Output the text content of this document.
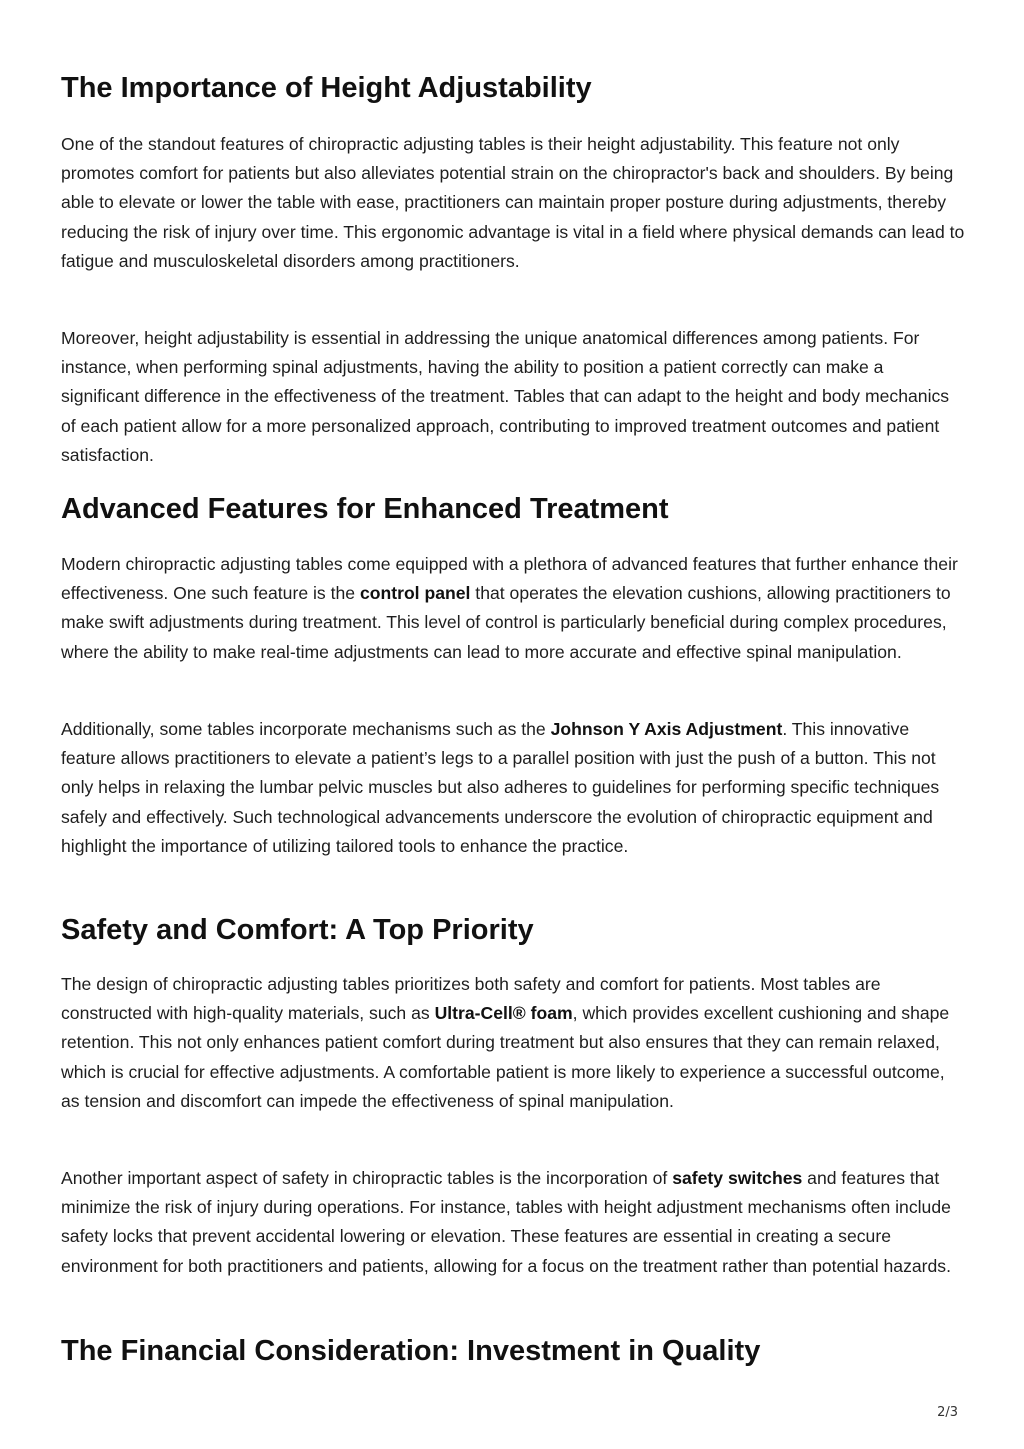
The Importance of Height Adjustability

One of the standout features of chiropractic adjusting tables is their height adjustability. This feature not only promotes comfort for patients but also alleviates potential strain on the chiropractor's back and shoulders. By being able to elevate or lower the table with ease, practitioners can maintain proper posture during adjustments, thereby reducing the risk of injury over time. This ergonomic advantage is vital in a field where physical demands can lead to fatigue and musculoskeletal disorders among practitioners.

Moreover, height adjustability is essential in addressing the unique anatomical differences among patients. For instance, when performing spinal adjustments, having the ability to position a patient correctly can make a significant difference in the effectiveness of the treatment. Tables that can adapt to the height and body mechanics of each patient allow for a more personalized approach, contributing to improved treatment outcomes and patient satisfaction.

Advanced Features for Enhanced Treatment

Modern chiropractic adjusting tables come equipped with a plethora of advanced features that further enhance their effectiveness. One such feature is the control panel that operates the elevation cushions, allowing practitioners to make swift adjustments during treatment. This level of control is particularly beneficial during complex procedures, where the ability to make real-time adjustments can lead to more accurate and effective spinal manipulation.

Additionally, some tables incorporate mechanisms such as the Johnson Y Axis Adjustment. This innovative feature allows practitioners to elevate a patient’s legs to a parallel position with just the push of a button. This not only helps in relaxing the lumbar pelvic muscles but also adheres to guidelines for performing specific techniques safely and effectively. Such technological advancements underscore the evolution of chiropractic equipment and highlight the importance of utilizing tailored tools to enhance the practice.

Safety and Comfort: A Top Priority

The design of chiropractic adjusting tables prioritizes both safety and comfort for patients. Most tables are constructed with high-quality materials, such as Ultra-Cell® foam, which provides excellent cushioning and shape retention. This not only enhances patient comfort during treatment but also ensures that they can remain relaxed, which is crucial for effective adjustments. A comfortable patient is more likely to experience a successful outcome, as tension and discomfort can impede the effectiveness of spinal manipulation.

Another important aspect of safety in chiropractic tables is the incorporation of safety switches and features that minimize the risk of injury during operations. For instance, tables with height adjustment mechanisms often include safety locks that prevent accidental lowering or elevation. These features are essential in creating a secure environment for both practitioners and patients, allowing for a focus on the treatment rather than potential hazards.

The Financial Consideration: Investment in Quality
2/3
